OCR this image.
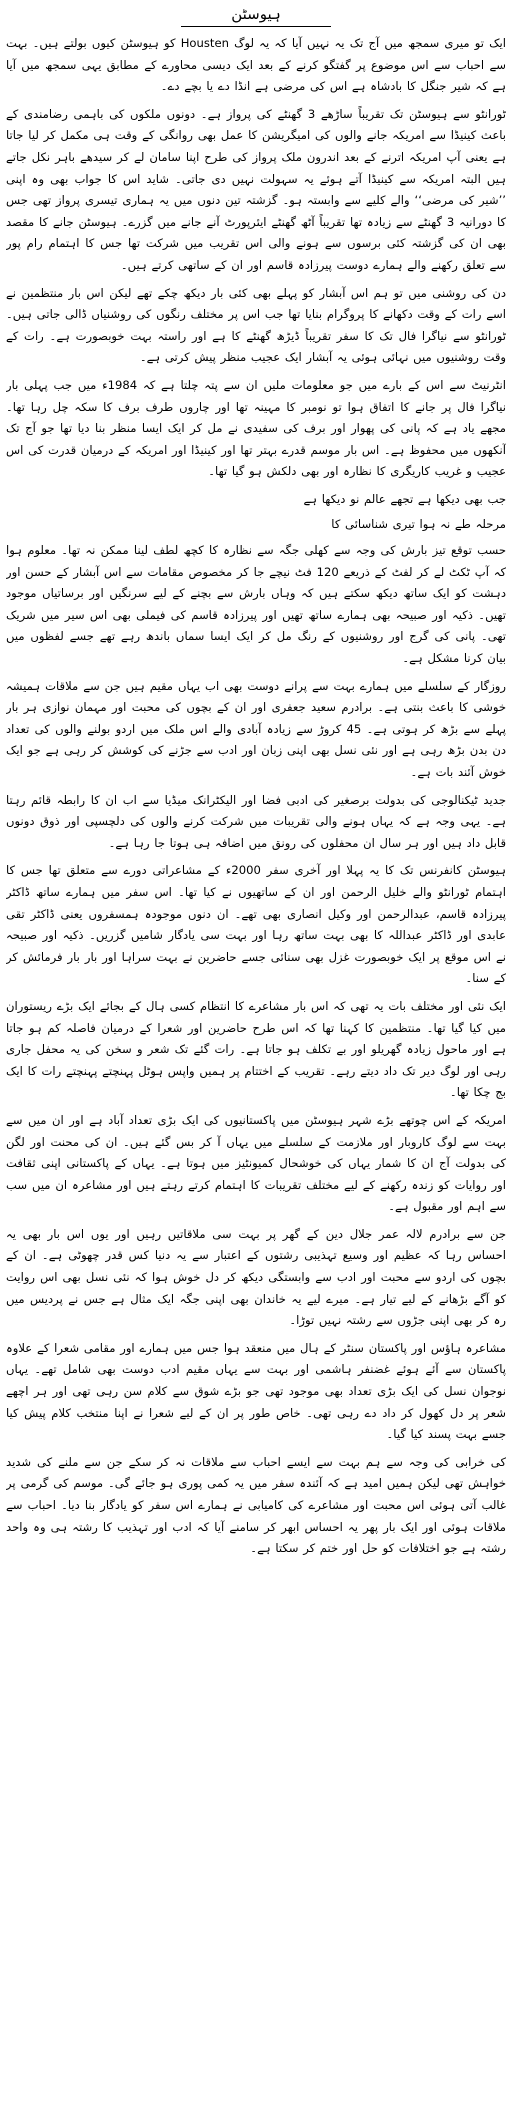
ہیوسٹن

ایک تو میری سمجھ میں آج تک یہ نہیں آیا کہ یہ لوگ Housten کو ہیوسٹن کیوں بولتے ہیں۔ بہت سے احباب سے اس موضوع پر گفتگو کرنے کے بعد ایک دیسی محاورے کے مطابق یہی سمجھ میں آیا ہے کہ شیر جنگل کا بادشاہ ہے اس کی مرضی ہے انڈا دے یا بچے دے۔

ٹورانٹو سے ہیوسٹن تک تقریباً ساڑھے 3 گھنٹے کی پرواز ہے۔ دونوں ملکوں کی باہمی رضامندی کے باعث کینیڈا سے امریکہ جانے والوں کی امیگریشن کا عمل بھی روانگی کے وقت ہی مکمل کر لیا جاتا ہے یعنی آپ امریکہ اترنے کے بعد اندرون ملک پرواز کی طرح اپنا سامان لے کر سیدھے باہر نکل جاتے ہیں البتہ امریکہ سے کینیڈا آتے ہوئے یہ سہولت نہیں دی جاتی۔ شاید اس کا جواب بھی وہ اپنی ’’شیر کی مرضی‘‘ والے کلیے سے وابستہ ہو۔ گزشتہ تین دنوں میں یہ ہماری تیسری پرواز تھی جس کا دورانیہ 3 گھنٹے سے زیادہ تھا تقریباً آٹھ گھنٹے ایئرپورٹ آنے جانے میں گزرے۔ ہیوسٹن جانے کا مقصد بھی ان کی گزشتہ کئی برسوں سے ہونے والی اس تقریب میں شرکت تھا جس کا اہتمام رام پور سے تعلق رکھنے والے ہمارے دوست پیرزادہ قاسم اور ان کے ساتھی کرتے ہیں۔

دن کی روشنی میں تو ہم اس آبشار کو پہلے بھی کئی بار دیکھ چکے تھے لیکن اس بار منتظمین نے اسے رات کے وقت دکھانے کا پروگرام بنایا تھا جب اس پر مختلف رنگوں کی روشنیاں ڈالی جاتی ہیں۔ ٹورانٹو سے نیاگرا فال تک کا سفر تقریباً ڈیڑھ گھنٹے کا ہے اور راستہ بہت خوبصورت ہے۔ رات کے وقت روشنیوں میں نہائی ہوئی یہ آبشار ایک عجیب منظر پیش کرتی ہے۔

انٹرنیٹ سے اس کے بارے میں جو معلومات ملیں ان سے پتہ چلتا ہے کہ 1984ء میں جب پہلی بار نیاگرا فال پر جانے کا اتفاق ہوا تو نومبر کا مہینہ تھا اور چاروں طرف برف کا سکہ چل رہا تھا۔ مجھے یاد ہے کہ پانی کی پھوار اور برف کی سفیدی نے مل کر ایک ایسا منظر بنا دیا تھا جو آج تک آنکھوں میں محفوظ ہے۔ اس بار موسم قدرے بہتر تھا اور کینیڈا اور امریکہ کے درمیان قدرت کی اس عجیب و غریب کاریگری کا نظارہ اور بھی دلکش ہو گیا تھا۔

جب بھی دیکھا ہے تجھے عالم نو دیکھا ہے

مرحلہ طے نہ ہوا تیری شناسائی کا

حسب توقع تیز بارش کی وجہ سے کھلی جگہ سے نظارہ کا کچھ لطف لینا ممکن نہ تھا۔ معلوم ہوا کہ آپ ٹکٹ لے کر لفٹ کے ذریعے 120 فٹ نیچے جا کر مخصوص مقامات سے اس آبشار کے حسن اور دہشت کو ایک ساتھ دیکھ سکتے ہیں کہ وہاں بارش سے بچنے کے لیے سرنگیں اور برساتیاں موجود تھیں۔ ذکیہ اور صبیحہ بھی ہمارے ساتھ تھیں اور پیرزادہ قاسم کی فیملی بھی اس سیر میں شریک تھی۔ پانی کی گرج اور روشنیوں کے رنگ مل کر ایک ایسا سماں باندھ رہے تھے جسے لفظوں میں بیان کرنا مشکل ہے۔

روزگار کے سلسلے میں ہمارے بہت سے پرانے دوست بھی اب یہاں مقیم ہیں جن سے ملاقات ہمیشہ خوشی کا باعث بنتی ہے۔ برادرم سعید جعفری اور ان کے بچوں کی محبت اور مہمان نوازی ہر بار پہلے سے بڑھ کر ہوتی ہے۔ 45 کروڑ سے زیادہ آبادی والے اس ملک میں اردو بولنے والوں کی تعداد دن بدن بڑھ رہی ہے اور نئی نسل بھی اپنی زبان اور ادب سے جڑنے کی کوشش کر رہی ہے جو ایک خوش آئند بات ہے۔

جدید ٹیکنالوجی کی بدولت برصغیر کی ادبی فضا اور الیکٹرانک میڈیا سے اب ان کا رابطہ قائم رہتا ہے۔ یہی وجہ ہے کہ یہاں ہونے والی تقریبات میں شرکت کرنے والوں کی دلچسپی اور ذوق دونوں قابل داد ہیں اور ہر سال ان محفلوں کی رونق میں اضافہ ہی ہوتا جا رہا ہے۔

ہیوسٹن کانفرنس تک کا یہ پہلا اور آخری سفر 2000ء کے مشاعراتی دورے سے متعلق تھا جس کا اہتمام ٹورانٹو والے خلیل الرحمن اور ان کے ساتھیوں نے کیا تھا۔ اس سفر میں ہمارے ساتھ ڈاکٹر پیرزادہ قاسم، عبدالرحمن اور وکیل انصاری بھی تھے۔ ان دنوں موجودہ ہمسفروں یعنی ڈاکٹر تقی عابدی اور ڈاکٹر عبداللہ کا بھی بہت ساتھ رہا اور بہت سی یادگار شامیں گزریں۔ ذکیہ اور صبیحہ نے اس موقع پر ایک خوبصورت غزل بھی سنائی جسے حاضرین نے بہت سراہا اور بار بار فرمائش کر کے سنا۔

ایک نئی اور مختلف بات یہ تھی کہ اس بار مشاعرے کا انتظام کسی ہال کے بجائے ایک بڑے ریستوران میں کیا گیا تھا۔ منتظمین کا کہنا تھا کہ اس طرح حاضرین اور شعرا کے درمیان فاصلہ کم ہو جاتا ہے اور ماحول زیادہ گھریلو اور بے تکلف ہو جاتا ہے۔ رات گئے تک شعر و سخن کی یہ محفل جاری رہی اور لوگ دیر تک داد دیتے رہے۔ تقریب کے اختتام پر ہمیں واپس ہوٹل پہنچتے پہنچتے رات کا ایک بج چکا تھا۔

امریکہ کے اس چوتھے بڑے شہر ہیوسٹن میں پاکستانیوں کی ایک بڑی تعداد آباد ہے اور ان میں سے بہت سے لوگ کاروبار اور ملازمت کے سلسلے میں یہاں آ کر بس گئے ہیں۔ ان کی محنت اور لگن کی بدولت آج ان کا شمار یہاں کی خوشحال کمیونٹیز میں ہوتا ہے۔ یہاں کے پاکستانی اپنی ثقافت اور روایات کو زندہ رکھنے کے لیے مختلف تقریبات کا اہتمام کرتے رہتے ہیں اور مشاعرہ ان میں سب سے اہم اور مقبول ہے۔

جن سے برادرم لالہ عمر جلال دین کے گھر پر بہت سی ملاقاتیں رہیں اور یوں اس بار بھی یہ احساس رہا کہ عظیم اور وسیع تہذیبی رشتوں کے اعتبار سے یہ دنیا کس قدر چھوٹی ہے۔ ان کے بچوں کی اردو سے محبت اور ادب سے وابستگی دیکھ کر دل خوش ہوا کہ نئی نسل بھی اس روایت کو آگے بڑھانے کے لیے تیار ہے۔ میرے لیے یہ خاندان بھی اپنی جگہ ایک مثال ہے جس نے پردیس میں رہ کر بھی اپنی جڑوں سے رشتہ نہیں توڑا۔

مشاعرہ ہاؤس اور پاکستان سنٹر کے ہال میں منعقد ہوا جس میں ہمارے اور مقامی شعرا کے علاوہ پاکستان سے آئے ہوئے غضنفر ہاشمی اور بہت سے یہاں مقیم ادب دوست بھی شامل تھے۔ یہاں نوجوان نسل کی ایک بڑی تعداد بھی موجود تھی جو بڑے شوق سے کلام سن رہی تھی اور ہر اچھے شعر پر دل کھول کر داد دے رہی تھی۔ خاص طور پر ان کے لیے شعرا نے اپنا منتخب کلام پیش کیا جسے بہت پسند کیا گیا۔

کی خرابی کی وجہ سے ہم بہت سے ایسے احباب سے ملاقات نہ کر سکے جن سے ملنے کی شدید خواہش تھی لیکن ہمیں امید ہے کہ آئندہ سفر میں یہ کمی پوری ہو جائے گی۔ موسم کی گرمی پر غالب آتی ہوئی اس محبت اور مشاعرے کی کامیابی نے ہمارے اس سفر کو یادگار بنا دیا۔ احباب سے ملاقات ہوئی اور ایک بار پھر یہ احساس ابھر کر سامنے آیا کہ ادب اور تہذیب کا رشتہ ہی وہ واحد رشتہ ہے جو اختلافات کو حل اور ختم کر سکتا ہے۔
